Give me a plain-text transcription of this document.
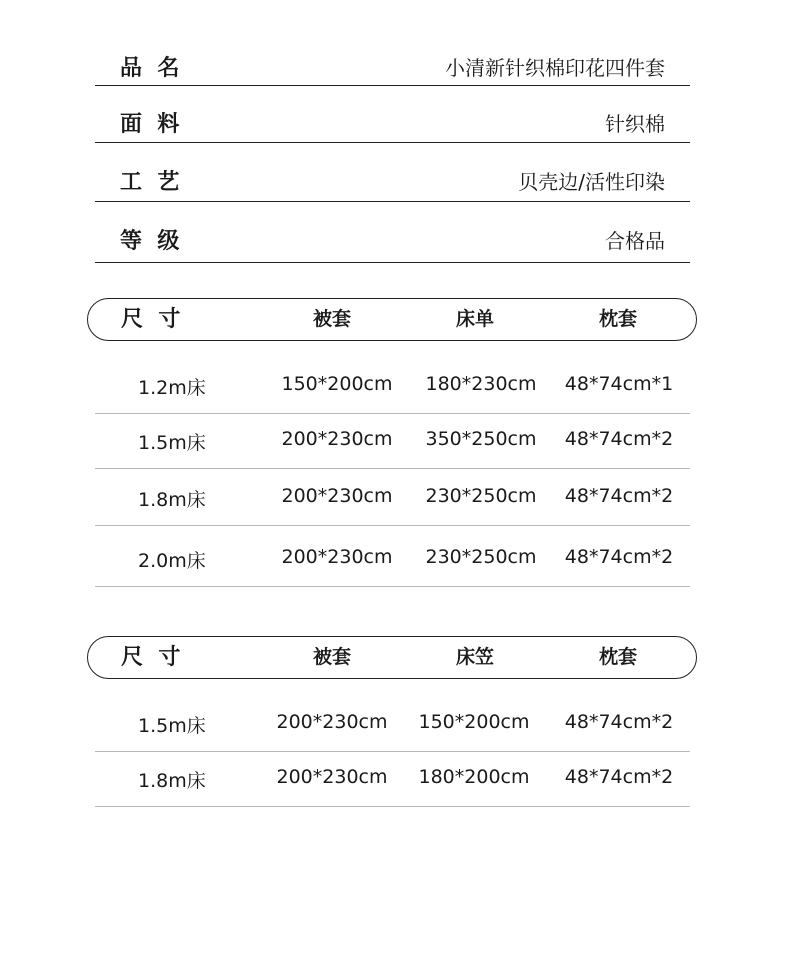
品  名	小清新针织棉印花四件套
面  料	针织棉
工  艺	贝壳边/活性印染
等  级	合格品
尺  寸	被套	床单	枕套
1.2m床	150*200cm	180*230cm	48*74cm*1
1.5m床	200*230cm	350*250cm	48*74cm*2
1.8m床	200*230cm	230*250cm	48*74cm*2
2.0m床	200*230cm	230*250cm	48*74cm*2
尺  寸	被套	床笠	枕套
1.5m床	200*230cm	150*200cm	48*74cm*2
1.8m床	200*230cm	180*200cm	48*74cm*2
